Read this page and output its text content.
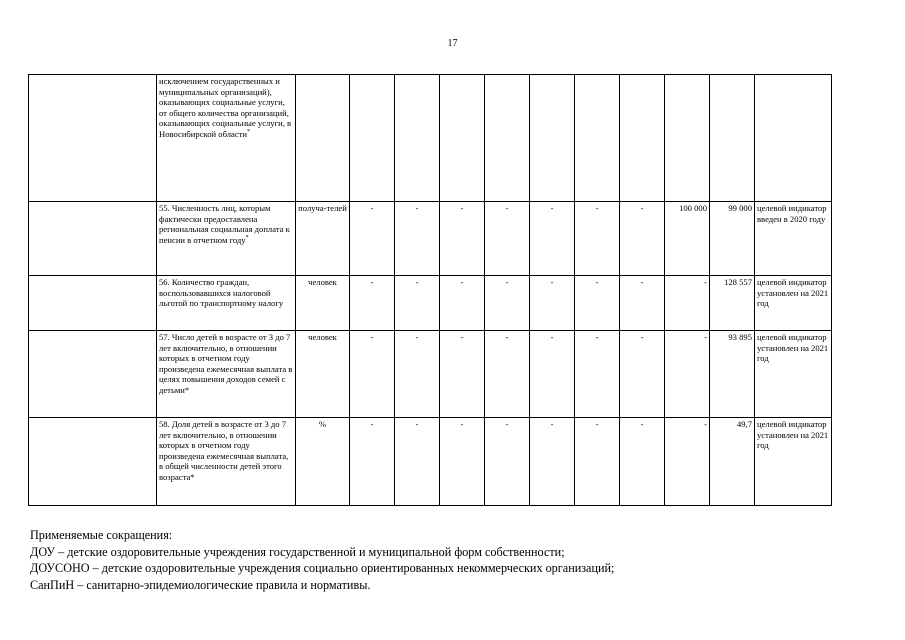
17
	исключением государственных и муниципальных организаций), оказывающих социальные услуги, от общего количества организаций, оказывающих социальные услуги, в Новосибирской области*											
	55. Численность лиц, которым фактически предоставлена региональная социальная доплата к пенсии в отчетном году*	получа-телей	-	-	-	-	-	-	-	100 000	99 000	целевой индикатор введен в 2020 году
	56. Количество граждан, воспользовавшихся налоговой льготой по транспортному налогу	человек	-	-	-	-	-	-	-	-	128 557	целевой индикатор установлен на 2021 год
	57. Число детей в возрасте от 3 до 7 лет включительно, в отношении которых в отчетном году произведена ежемесячная выплата в целях повышения доходов семей с детьми*	человек	-	-	-	-	-	-	-	-	93 895	целевой индикатор установлен на 2021 год
	58. Доля детей в возрасте от 3 до 7 лет включительно, в отношении которых в отчетном году произведена ежемесячная выплата, в общей численности детей этого возраста*	%	-	-	-	-	-	-	-	-	49,7	целевой индикатор установлен на 2021 год
Применяемые сокращения:
ДОУ – детские оздоровительные учреждения государственной и муниципальной форм собственности;
ДОУСОНО – детские оздоровительные учреждения социально ориентированных некоммерческих организаций;
СанПиН – санитарно-эпидемиологические правила и нормативы.
